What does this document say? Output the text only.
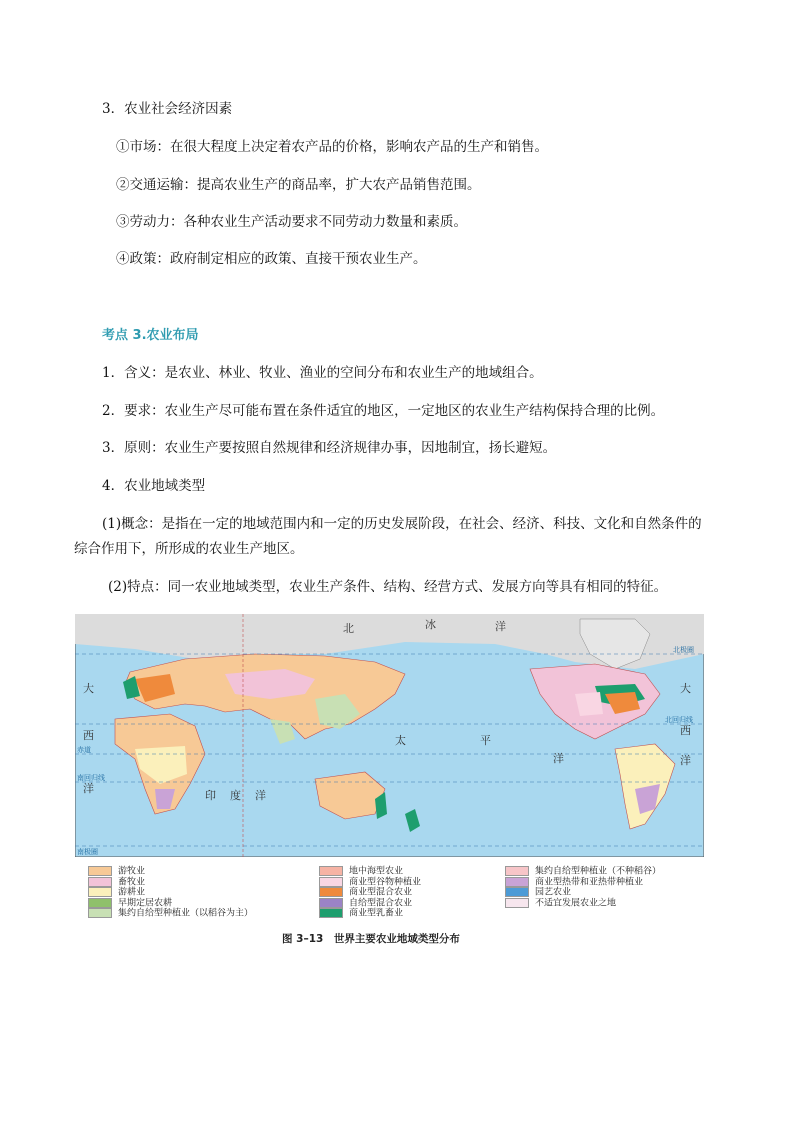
3．农业社会经济因素
①市场：在很大程度上决定着农产品的价格，影响农产品的生产和销售。
②交通运输：提高农业生产的商品率，扩大农产品销售范围。
③劳动力：各种农业生产活动要求不同劳动力数量和素质。
④政策：政府制定相应的政策、直接干预农业生产。
考点 3.农业布局
1．含义：是农业、林业、牧业、渔业的空间分布和农业生产的地域组合。
2．要求：农业生产尽可能布置在条件适宜的地区，一定地区的农业生产结构保持合理的比例。
3．原则：农业生产要按照自然规律和经济规律办事，因地制宜，扬长避短。
4．农业地域类型
(1)概念：是指在一定的地域范围内和一定的历史发展阶段，在社会、经济、科技、文化和自然条件的
综合作用下，所形成的农业生产地区。
(2)特点：同一农业地域类型，农业生产条件、结构、经营方式、发展方向等具有相同的特征。
北极圈
北回归线
赤道
南回归线
南极圈
北	冰	洋
大
西
洋
太	平
洋
印 度 洋
西
洋
大
游牧业	地中海型农业	集约自给型种植业（不种稻谷）
畜牧业	商业型谷物种植业	商业型热带和亚热带种植业
游耕业	商业型混合农业	园艺农业
早期定居农耕	自给型混合农业	不适宜发展农业之地
集约自给型种植业（以稻谷为主）	商业型乳畜业
图 3–13　世界主要农业地域类型分布
